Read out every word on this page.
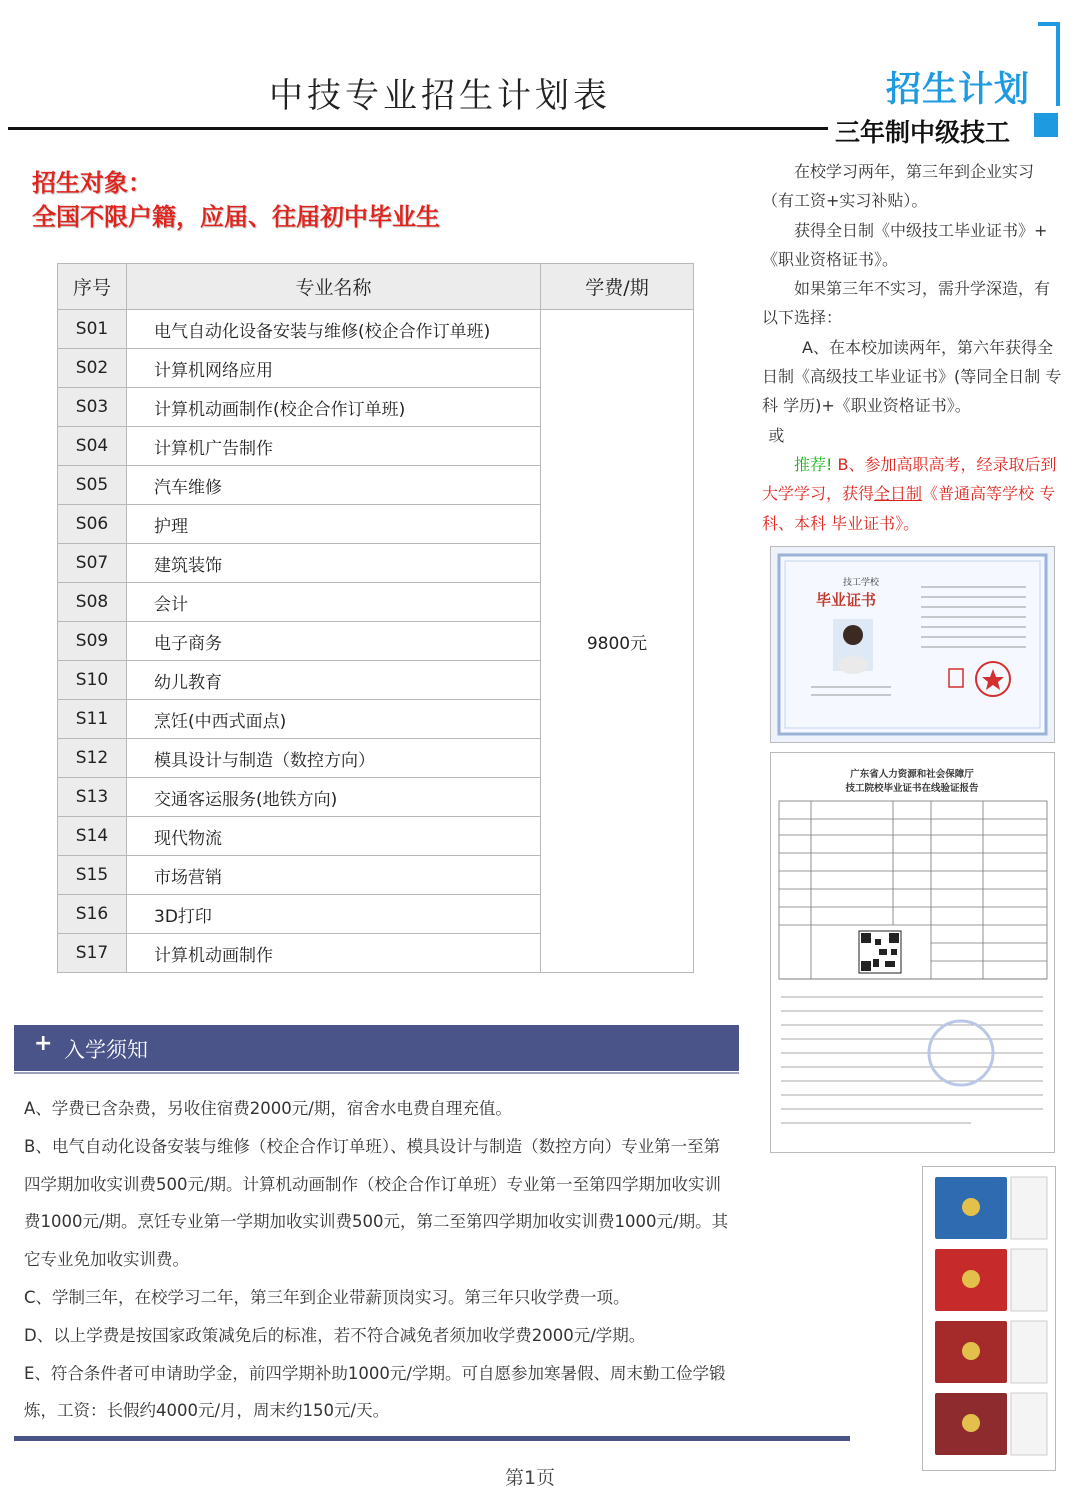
中技专业招生计划表	招生计划
三年制中级技工
招生对象：
全国不限户籍，应届、往届初中毕业生
序号	专业名称	学费/期
S01	电气自动化设备安装与维修(校企合作订单班)	9800元
S02	计算机网络应用	
S03	计算机动画制作(校企合作订单班)	
S04	计算机广告制作	
S05	汽车维修	
S06	护理	
S07	建筑装饰	
S08	会计	
S09	电子商务	
S10	幼儿教育	
S11	烹饪(中西式面点)	
S12	模具设计与制造（数控方向）	
S13	交通客运服务(地铁方向)	
S14	现代物流	
S15	市场营销	
S16	3D打印	
S17	计算机动画制作	
+ 入学须知

A、学费已含杂费，另收住宿费2000元/期，宿舍水电费自理充值。

B、电气自动化设备安装与维修（校企合作订单班）、模具设计与制造（数控方向）专业第一至第四学期加收实训费500元/期。计算机动画制作（校企合作订单班）专业第一至第四学期加收实训费1000元/期。烹饪专业第一学期加收实训费500元，第二至第四学期加收实训费1000元/期。其它专业免加收实训费。

C、学制三年，在校学习二年，第三年到企业带薪顶岗实习。第三年只收学费一项。

D、以上学费是按国家政策减免后的标准，若不符合减免者须加收学费2000元/学期。

E、符合条件者可申请助学金，前四学期补助1000元/学期。可自愿参加寒暑假、周末勤工俭学锻炼，工资：长假约4000元/月，周末约150元/天。

第1页

在校学习两年，第三年到企业实习（有工资+实习补贴）。

获得全日制《中级技工毕业证书》+《职业资格证书》。

如果第三年不实习，需升学深造，有以下选择：

A、在本校加读两年，第六年获得全日制《高级技工毕业证书》(等同全日制 专科 学历)+《职业资格证书》。

或

推荐! B、参加高职高考，经录取后到大学学习，获得全日制《普通高等学校 专科、本科 毕业证书》。

技工学校
毕业证书
广东省人力资源和社会保障厅
技工院校毕业证书在线验证报告
